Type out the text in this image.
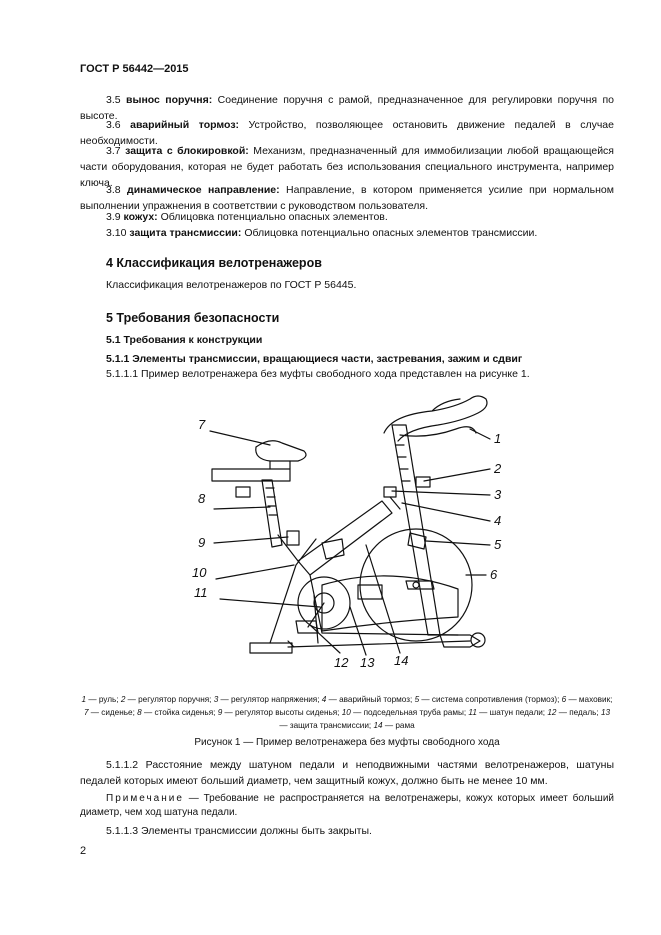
ГОСТ Р 56442—2015

3.5 вынос поручня: Соединение поручня с рамой, предназначенное для регулировки поручня по высоте.

3.6 аварийный тормоз: Устройство, позволяющее остановить движение педалей в случае необходимости.

3.7 защита с блокировкой: Механизм, предназначенный для иммобилизации любой вращающейся части оборудования, которая не будет работать без использования специального инструмента, например ключа.

3.8 динамическое направление: Направление, в котором применяется усилие при нормальном выполнении упражнения в соответствии с руководством пользователя.

3.9 кожух: Облицовка потенциально опасных элементов.

3.10 защита трансмиссии: Облицовка потенциально опасных элементов трансмиссии.

4 Классификация велотренажеров

Классификация велотренажеров по ГОСТ Р 56445.

5 Требования безопасности

5.1 Требования к конструкции

5.1.1 Элементы трансмиссии, вращающиеся части, застревания, зажим и сдвиг

5.1.1.1 Пример велотренажера без муфты свободного хода представлен на рисунке 1.

1
2
3
4
5
6
7
8
9
10
11
12 13 14

1 — руль; 2 — регулятор поручня; 3 — регулятор напряжения; 4 — аварийный тормоз; 5 — система сопротивления (тормоз); 6 — маховик; 7 — сиденье; 8 — стойка сиденья; 9 — регулятор высоты сиденья; 10 — подседельная труба рамы; 11 — шатун педали; 12 — педаль; 13 — защита трансмиссии; 14 — рама

Рисунок 1 — Пример велотренажера без муфты свободного хода

5.1.1.2 Расстояние между шатуном педали и неподвижными частями велотренажеров, шатуны педалей которых имеют больший диаметр, чем защитный кожух, должно быть не менее 10 мм.

Примечание — Требование не распространяется на велотренажеры, кожух которых имеет больший диаметр, чем ход шатуна педали.

5.1.1.3 Элементы трансмиссии должны быть закрыты.

2
